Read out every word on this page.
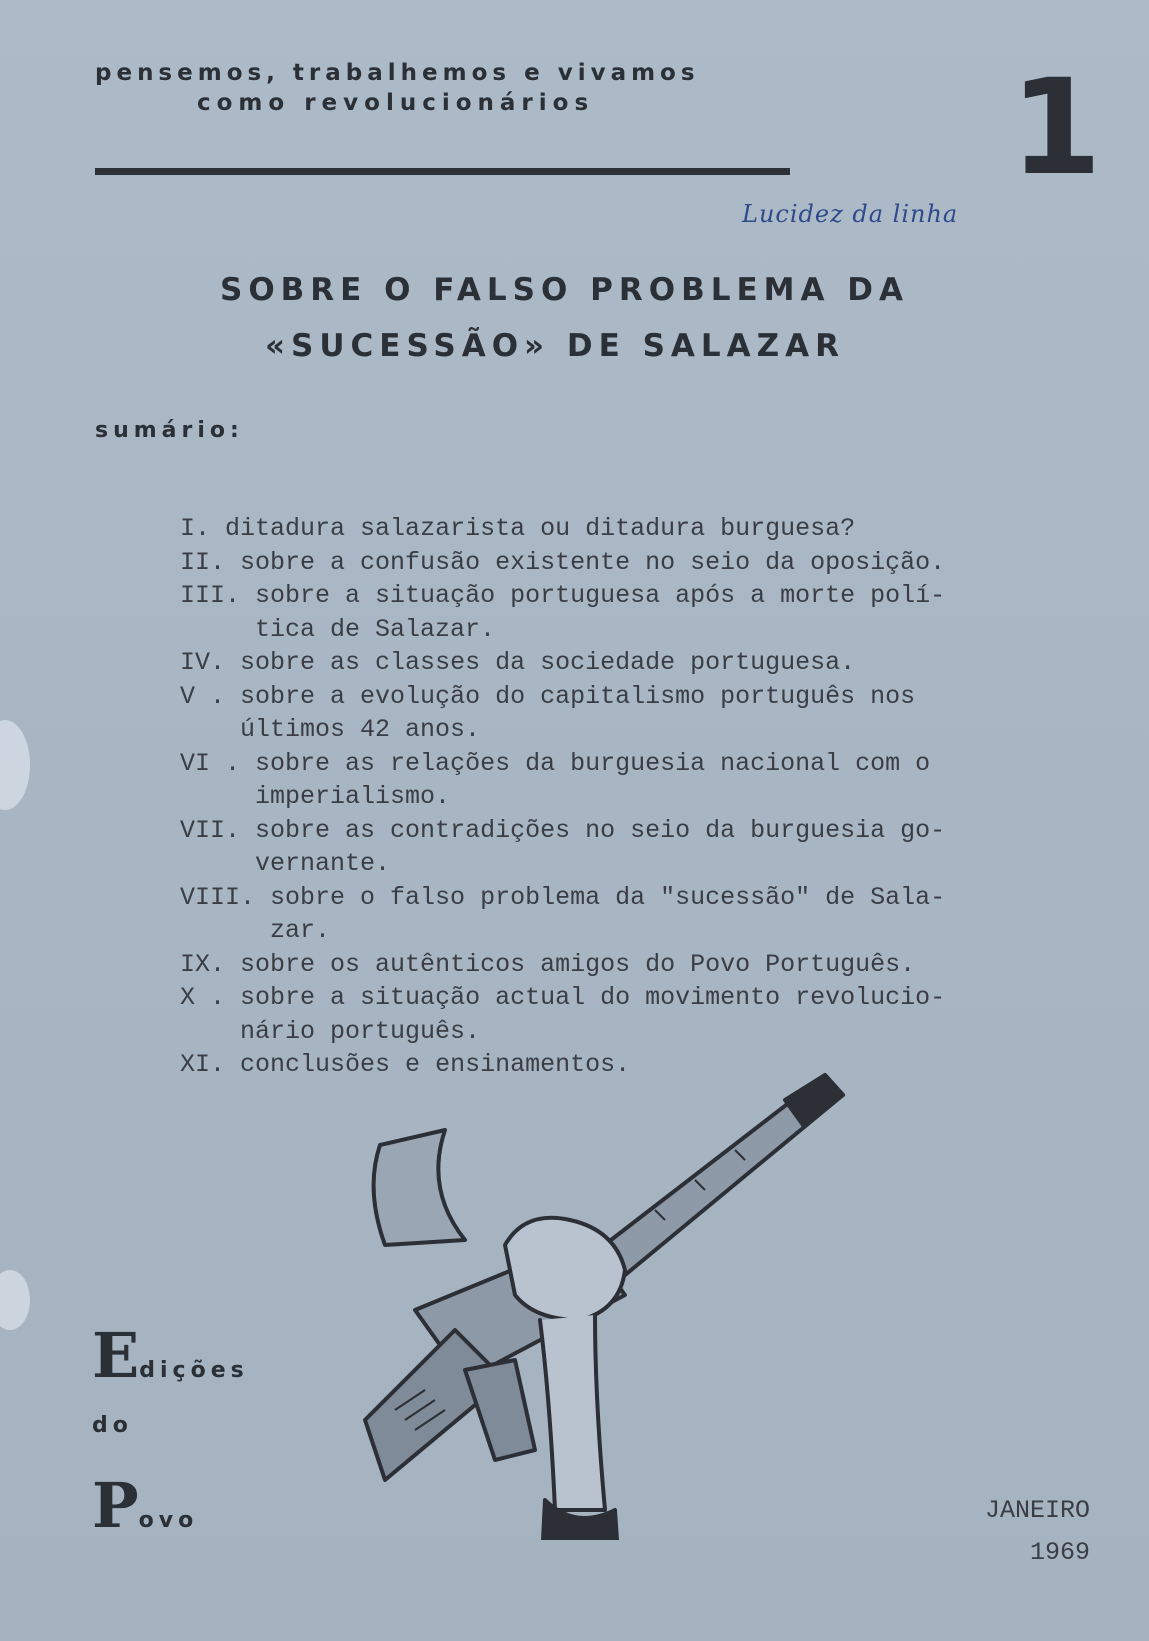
pensemos, trabalhemos e vivamos
como revolucionários	1
Lucidez da linha
SOBRE O FALSO PROBLEMA DA
«SUCESSÃO» DE SALAZAR
sumário:
I. ditadura salazarista ou ditadura burguesa?
II. sobre a confusão existente no seio da oposição.
III. sobre a situação portuguesa após a morte polí-
tica de Salazar.
IV. sobre as classes da sociedade portuguesa.
V . sobre a evolução do capitalismo português nos
últimos 42 anos.
VI . sobre as relações da burguesia nacional com o
imperialismo.
VII. sobre as contradições no seio da burguesia go-
vernante.
VIII. sobre o falso problema da "sucessão" de Sala-
zar.
IX. sobre os autênticos amigos do Povo Português.
X . sobre a situação actual do movimento revolucio-
nário português.
XI. conclusões e ensinamentos.
Edições
do
Povo	JANEIRO
1969
